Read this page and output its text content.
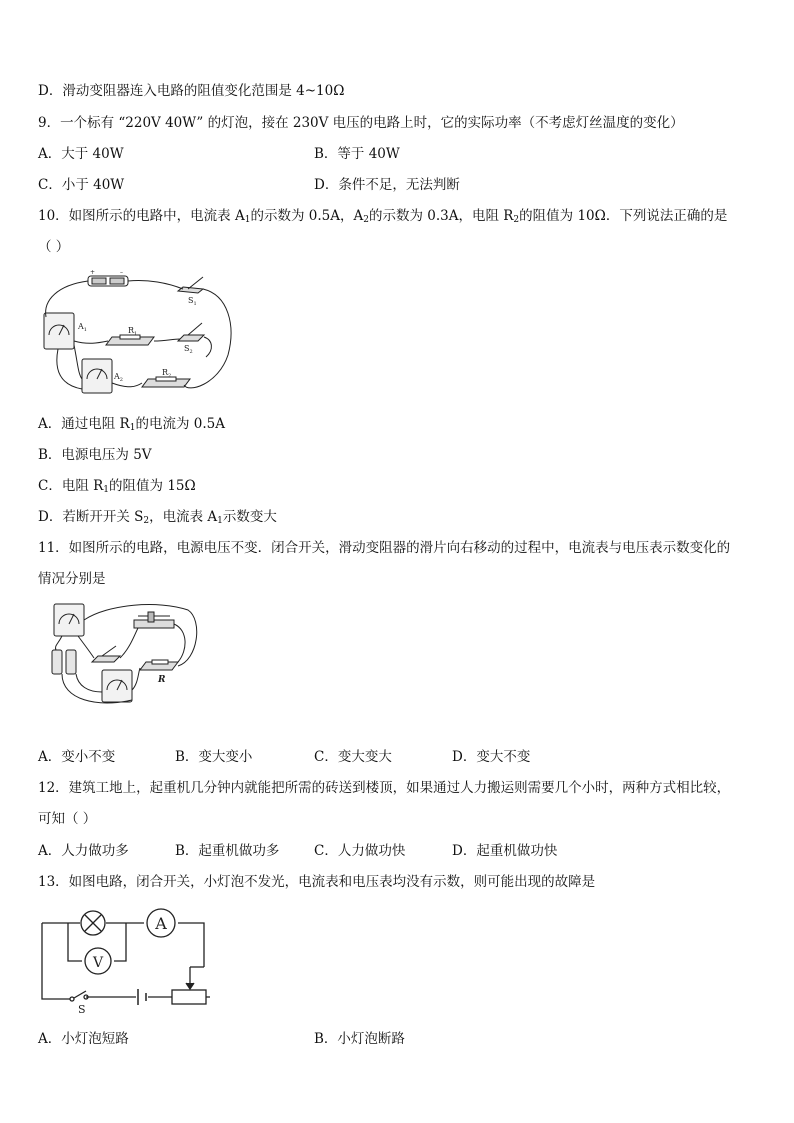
D．滑动变阻器连入电路的阻值变化范围是 4~10Ω
9．一个标有 “220V 40W” 的灯泡，接在 230V 电压的电路上时，它的实际功率（不考虑灯丝温度的变化）
A．大于 40W	B．等于 40W
C．小于 40W	D．条件不足，无法判断
10．如图所示的电路中，电流表 $A_1$的示数为 0.5A，$A_2$的示数为 0.3A，电阻 $R_2$的阻值为 10Ω．下列说法正确的是
（ ）
+	–
$S_1$
$S_2$
$A_1$
$A_2$
$R_1$
$R_2$
A．通过电阻 $R_1$的电流为 0.5A
B．电源电压为 5V
C．电阻 $R_1$的阻值为 15Ω
D．若断开开关 $S_2$，电流表 $A_1$示数变大
11．如图所示的电路，电源电压不变．闭合开关，滑动变阻器的滑片向右移动的过程中，电流表与电压表示数变化的
情况分别是
R
A．变小不变	B．变大变小	C．变大变大	D．变大不变
12．建筑工地上，起重机几分钟内就能把所需的砖送到楼顶，如果通过人力搬运则需要几个小时，两种方式相比较，
可知（ ）
A．人力做功多	B．起重机做功多	C．人力做功快	D．起重机做功快
13．如图电路，闭合开关，小灯泡不发光，电流表和电压表均没有示数，则可能出现的故障是
A
V
S
A．小灯泡短路	B．小灯泡断路
